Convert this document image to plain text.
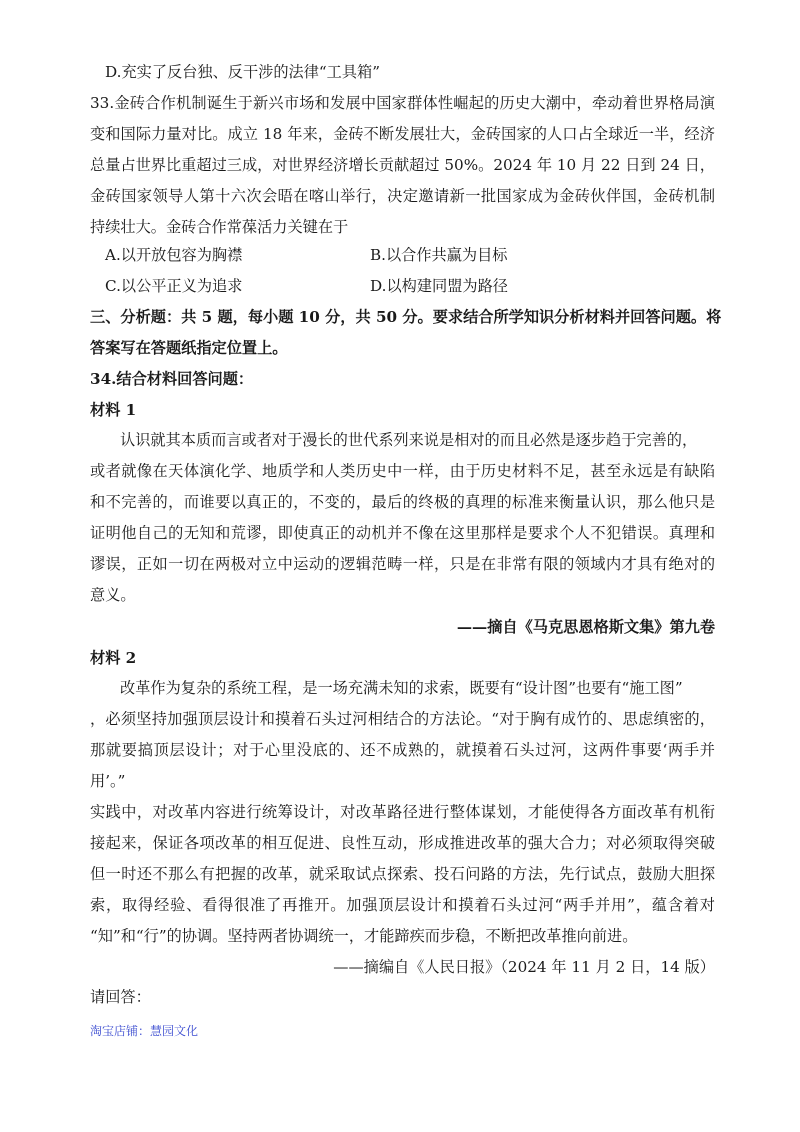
D.充实了反台独、反干涉的法律“工具箱”
33.金砖合作机制诞生于新兴市场和发展中国家群体性崛起的历史大潮中，牵动着世界格局演
变和国际力量对比。成立 18 年来，金砖不断发展壮大，金砖国家的人口占全球近一半，经济
总量占世界比重超过三成，对世界经济增长贡献超过 50%。2024 年 10 月 22 日到 24 日，
金砖国家领导人第十六次会晤在喀山举行，决定邀请新一批国家成为金砖伙伴国，金砖机制
持续壮大。金砖合作常葆活力关键在于
A.以开放包容为胸襟	B.以合作共赢为目标
C.以公平正义为追求	D.以构建同盟为路径
三、分析题：共 5 题，每小题 10 分，共 50 分。要求结合所学知识分析材料并回答问题。将
答案写在答题纸指定位置上。
34.结合材料回答问题：
材料 1
认识就其本质而言或者对于漫长的世代系列来说是相对的而且必然是逐步趋于完善的，
或者就像在天体演化学、地质学和人类历史中一样，由于历史材料不足，甚至永远是有缺陷
和不完善的，而谁要以真正的，不变的，最后的终极的真理的标准来衡量认识，那么他只是
证明他自己的无知和荒谬，即使真正的动机并不像在这里那样是要求个人不犯错误。真理和
谬误，正如一切在两极对立中运动的逻辑范畴一样，只是在非常有限的领域内才具有绝对的
意义。
——摘自《马克思恩格斯文集》第九卷
材料 2
改革作为复杂的系统工程，是一场充满未知的求索，既要有“设计图”也要有“施工图”
，必须坚持加强顶层设计和摸着石头过河相结合的方法论。“对于胸有成竹的、思虑缜密的，
那就要搞顶层设计；对于心里没底的、还不成熟的，就摸着石头过河，这两件事要‘两手并
用’。”
实践中，对改革内容进行统筹设计，对改革路径进行整体谋划，才能使得各方面改革有机衔
接起来，保证各项改革的相互促进、良性互动，形成推进改革的强大合力；对必须取得突破
但一时还不那么有把握的改革，就采取试点探索、投石问路的方法，先行试点，鼓励大胆探
索，取得经验、看得很准了再推开。加强顶层设计和摸着石头过河“两手并用”，蕴含着对
“知”和“行”的协调。坚持两者协调统一，才能蹄疾而步稳，不断把改革推向前进。
——摘编自《人民日报》（2024 年 11 月 2 日，14 版）
请回答：
淘宝店铺：慧园文化
